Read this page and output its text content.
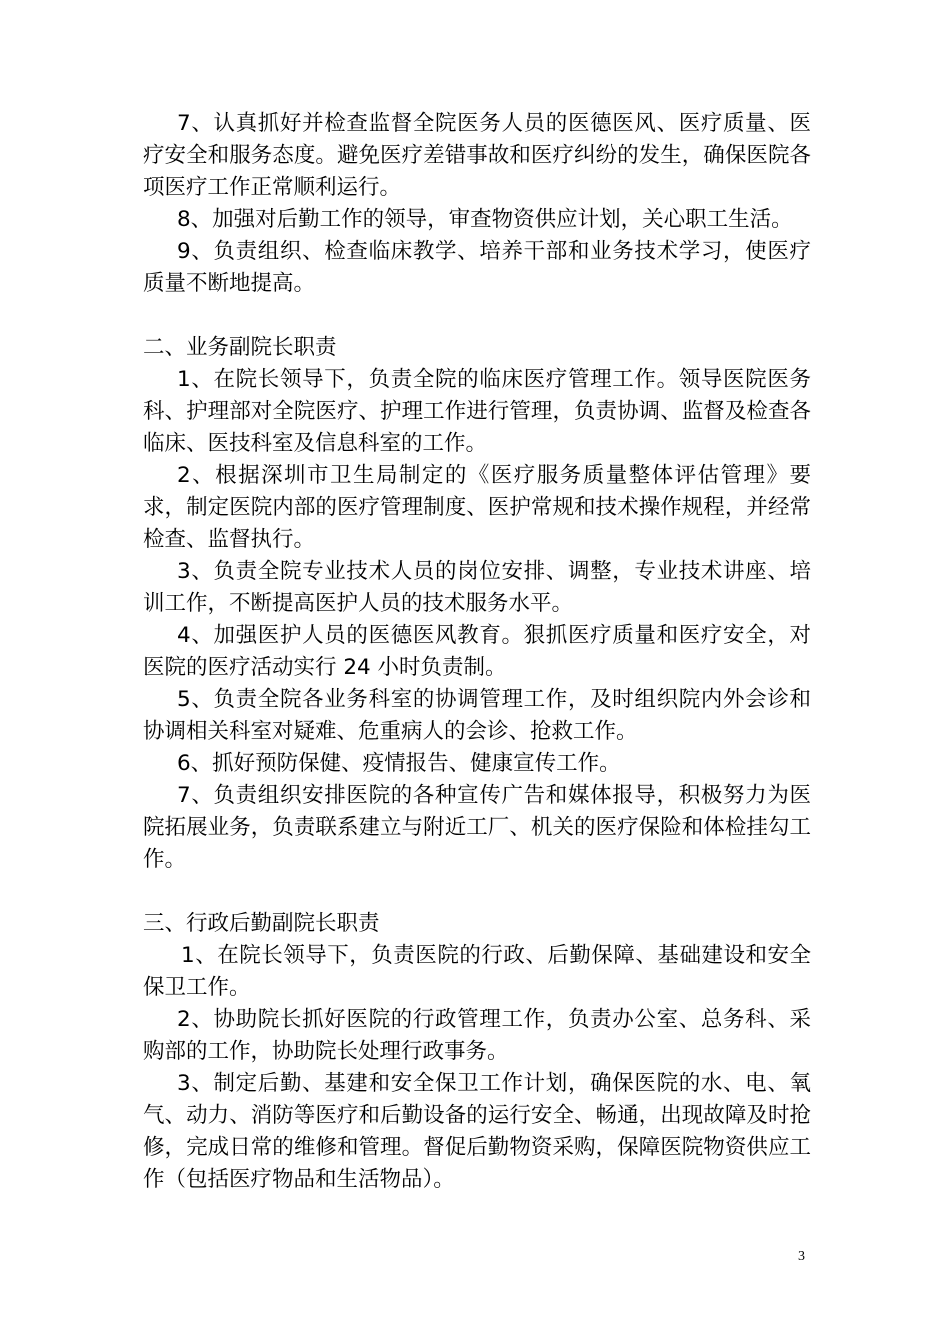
7、认真抓好并检查监督全院医务人员的医德医风、医疗质量、医疗安全和服务态度。避免医疗差错事故和医疗纠纷的发生，确保医院各项医疗工作正常顺利运行。

8、加强对后勤工作的领导，审查物资供应计划，关心职工生活。

9、负责组织、检查临床教学、培养干部和业务技术学习，使医疗质量不断地提高。

二、业务副院长职责

1、在院长领导下，负责全院的临床医疗管理工作。领导医院医务科、护理部对全院医疗、护理工作进行管理，负责协调、监督及检查各临床、医技科室及信息科室的工作。

2、根据深圳市卫生局制定的《医疗服务质量整体评估管理》要求，制定医院内部的医疗管理制度、医护常规和技术操作规程，并经常检查、监督执行。

3、负责全院专业技术人员的岗位安排、调整，专业技术讲座、培训工作，不断提高医护人员的技术服务水平。

4、加强医护人员的医德医风教育。狠抓医疗质量和医疗安全，对医院的医疗活动实行 24 小时负责制。

5、负责全院各业务科室的协调管理工作，及时组织院内外会诊和协调相关科室对疑难、危重病人的会诊、抢救工作。

6、抓好预防保健、疫情报告、健康宣传工作。

7、负责组织安排医院的各种宣传广告和媒体报导，积极努力为医院拓展业务，负责联系建立与附近工厂、机关的医疗保险和体检挂勾工作。

三、行政后勤副院长职责

1、在院长领导下，负责医院的行政、后勤保障、基础建设和安全保卫工作。

2、协助院长抓好医院的行政管理工作，负责办公室、总务科、采购部的工作，协助院长处理行政事务。

3、制定后勤、基建和安全保卫工作计划，确保医院的水、电、氧气、动力、消防等医疗和后勤设备的运行安全、畅通，出现故障及时抢修，完成日常的维修和管理。督促后勤物资采购，保障医院物资供应工作（包括医疗物品和生活物品）。

3
